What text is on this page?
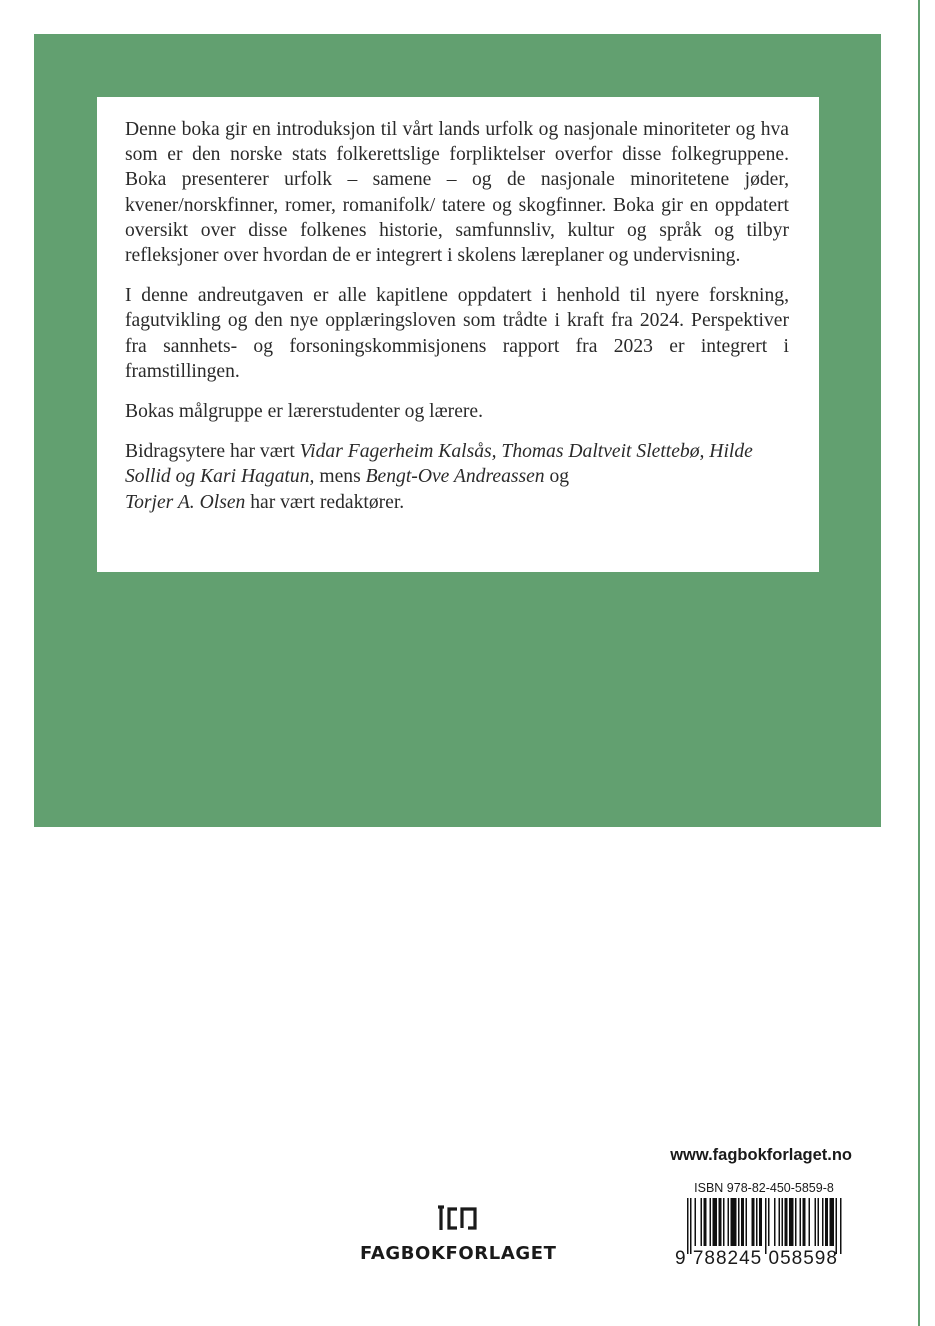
Denne boka gir en introduksjon til vårt lands urfolk og nasjonale minoriteter og hva som er den norske stats folkerettslige forpliktelser overfor disse folkegruppene. Boka presenterer urfolk – samene – og de nasjonale minoritetene jøder, kvener/norskfinner, romer, romanifolk/ tatere og skogfinner. Boka gir en oppdatert oversikt over disse folkenes historie, samfunnsliv, kultur og språk og tilbyr refleksjoner over hvordan de er integrert i skolens læreplaner og undervisning.

I denne andreutgaven er alle kapitlene oppdatert i henhold til nyere forskning, fagutvikling og den nye opplæringsloven som trådte i kraft fra 2024. Perspektiver fra sannhets- og forsoningskommisjonens rapport fra 2023 er integrert i framstillingen.

Bokas målgruppe er lærerstudenter og lærere.

Bidragsytere har vært Vidar Fagerheim Kalsås, Thomas Daltveit Slettebø, Hilde Sollid og Kari Hagatun, mens Bengt-Ove Andreassen og
Torjer A. Olsen har vært redaktører.

www.fagbokforlaget.no
FAGBOKFORLAGET
ISBN 978-82-450-5859-8
9 788245 058598
